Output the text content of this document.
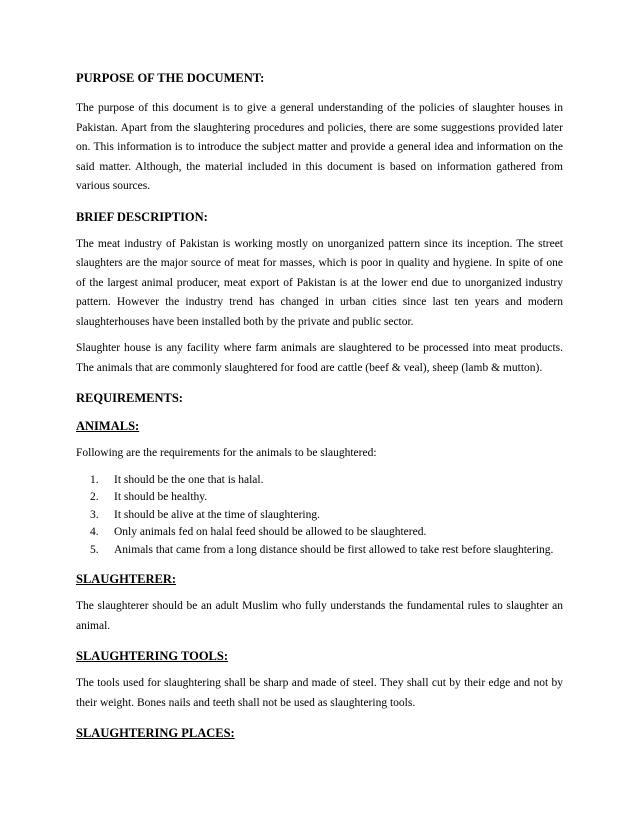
PURPOSE OF THE DOCUMENT:

The purpose of this document is to give a general understanding of the policies of slaughter houses in Pakistan. Apart from the slaughtering procedures and policies, there are some suggestions provided later on. This information is to introduce the subject matter and provide a general idea and information on the said matter. Although, the material included in this document is based on information gathered from various sources.

BRIEF DESCRIPTION:

The meat industry of Pakistan is working mostly on unorganized pattern since its inception. The street slaughters are the major source of meat for masses, which is poor in quality and hygiene. In spite of one of the largest animal producer, meat export of Pakistan is at the lower end due to unorganized industry pattern. However the industry trend has changed in urban cities since last ten years and modern slaughterhouses have been installed both by the private and public sector.

Slaughter house is any facility where farm animals are slaughtered to be processed into meat products. The animals that are commonly slaughtered for food are cattle (beef & veal), sheep (lamb & mutton).

REQUIREMENTS:
ANIMALS:

Following are the requirements for the animals to be slaughtered:

1. It should be the one that is halal.
2. It should be healthy.
3. It should be alive at the time of slaughtering.
4. Only animals fed on halal feed should be allowed to be slaughtered.
5. Animals that came from a long distance should be first allowed to take rest before slaughtering.
SLAUGHTERER:

The slaughterer should be an adult Muslim who fully understands the fundamental rules to slaughter an animal.

SLAUGHTERING TOOLS:

The tools used for slaughtering shall be sharp and made of steel. They shall cut by their edge and not by their weight. Bones nails and teeth shall not be used as slaughtering tools.

SLAUGHTERING PLACES:
